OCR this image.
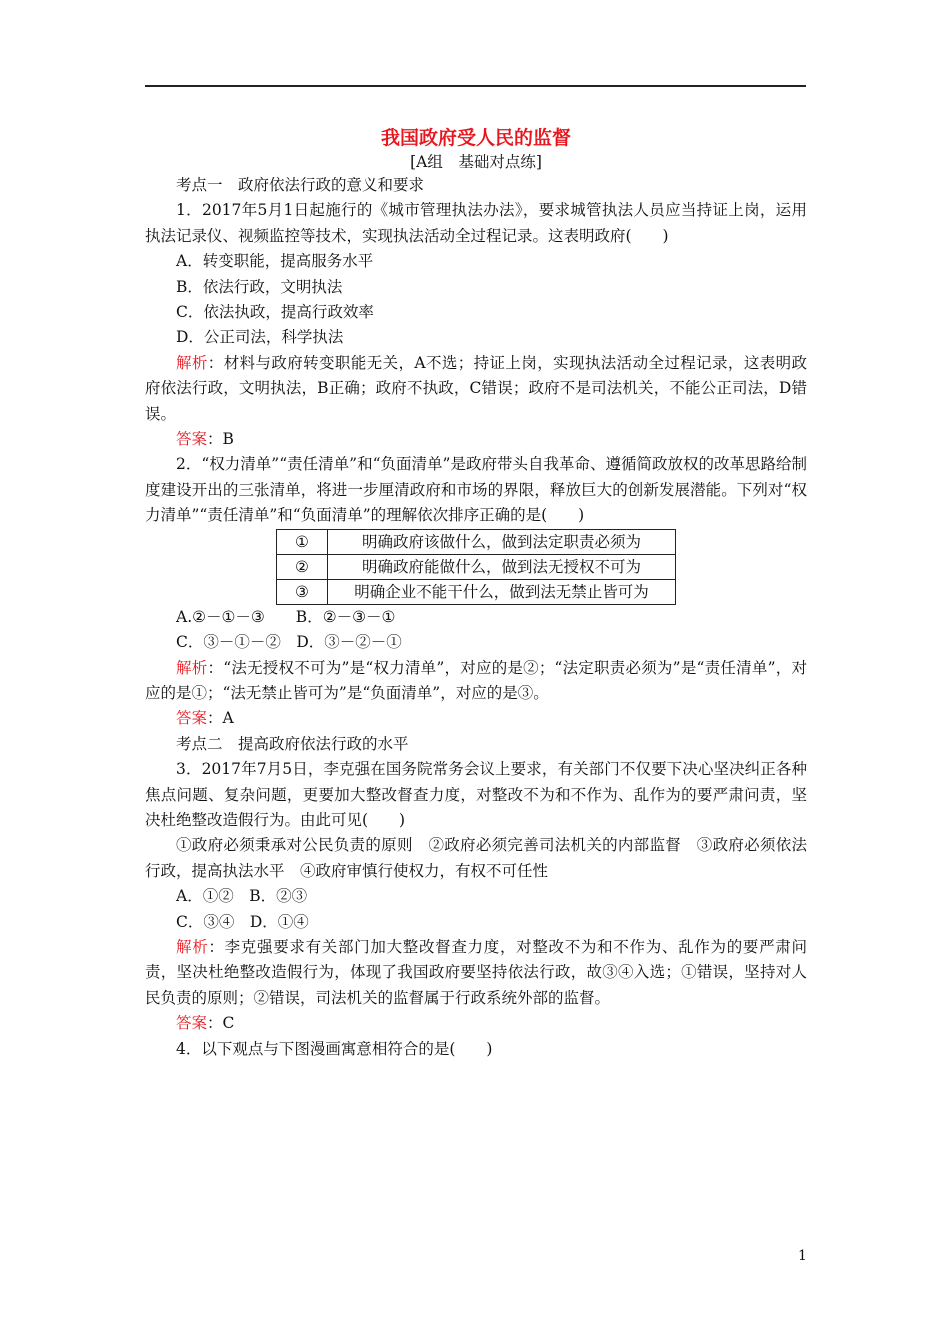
我国政府受人民的监督
[A组　基础对点练]

考点一　政府依法行政的意义和要求

1．2017年5月1日起施行的《城市管理执法办法》，要求城管执法人员应当持证上岗，运用执法记录仪、视频监控等技术，实现执法活动全过程记录。这表明政府(　　)

A．转变职能，提高服务水平

B．依法行政，文明执法

C．依法执政，提高行政效率

D．公正司法，科学执法

解析：材料与政府转变职能无关，A不选；持证上岗，实现执法活动全过程记录，这表明政府依法行政，文明执法，B正确；政府不执政，C错误；政府不是司法机关，不能公正司法，D错误。

答案：B

2．“权力清单”“责任清单”和“负面清单”是政府带头自我革命、遵循简政放权的改革思路给制度建设开出的三张清单，将进一步厘清政府和市场的界限，释放巨大的创新发展潜能。下列对“权力清单”“责任清单”和“负面清单”的理解依次排序正确的是(　　)

①	明确政府该做什么，做到法定职责必须为
②	明确政府能做什么，做到法无授权不可为
③	明确企业不能干什么，做到法无禁止皆可为

A.②－①－③　　B．②－③－①

C．③－①－②　D．③－②－①

解析：“法无授权不可为”是“权力清单”，对应的是②；“法定职责必须为”是“责任清单”，对应的是①；“法无禁止皆可为”是“负面清单”，对应的是③。

答案：A

考点二　提高政府依法行政的水平

3．2017年7月5日，李克强在国务院常务会议上要求，有关部门不仅要下决心坚决纠正各种焦点问题、复杂问题，更要加大整改督查力度，对整改不为和不作为、乱作为的要严肃问责，坚决杜绝整改造假行为。由此可见(　　)

①政府必须秉承对公民负责的原则　②政府必须完善司法机关的内部监督　③政府必须依法行政，提高执法水平　④政府审慎行使权力，有权不可任性

A．①②　B．②③

C．③④　D．①④

解析：李克强要求有关部门加大整改督查力度，对整改不为和不作为、乱作为的要严肃问责，坚决杜绝整改造假行为，体现了我国政府要坚持依法行政，故③④入选；①错误，坚持对人民负责的原则；②错误，司法机关的监督属于行政系统外部的监督。

答案：C

4．以下观点与下图漫画寓意相符合的是(　　)

1
